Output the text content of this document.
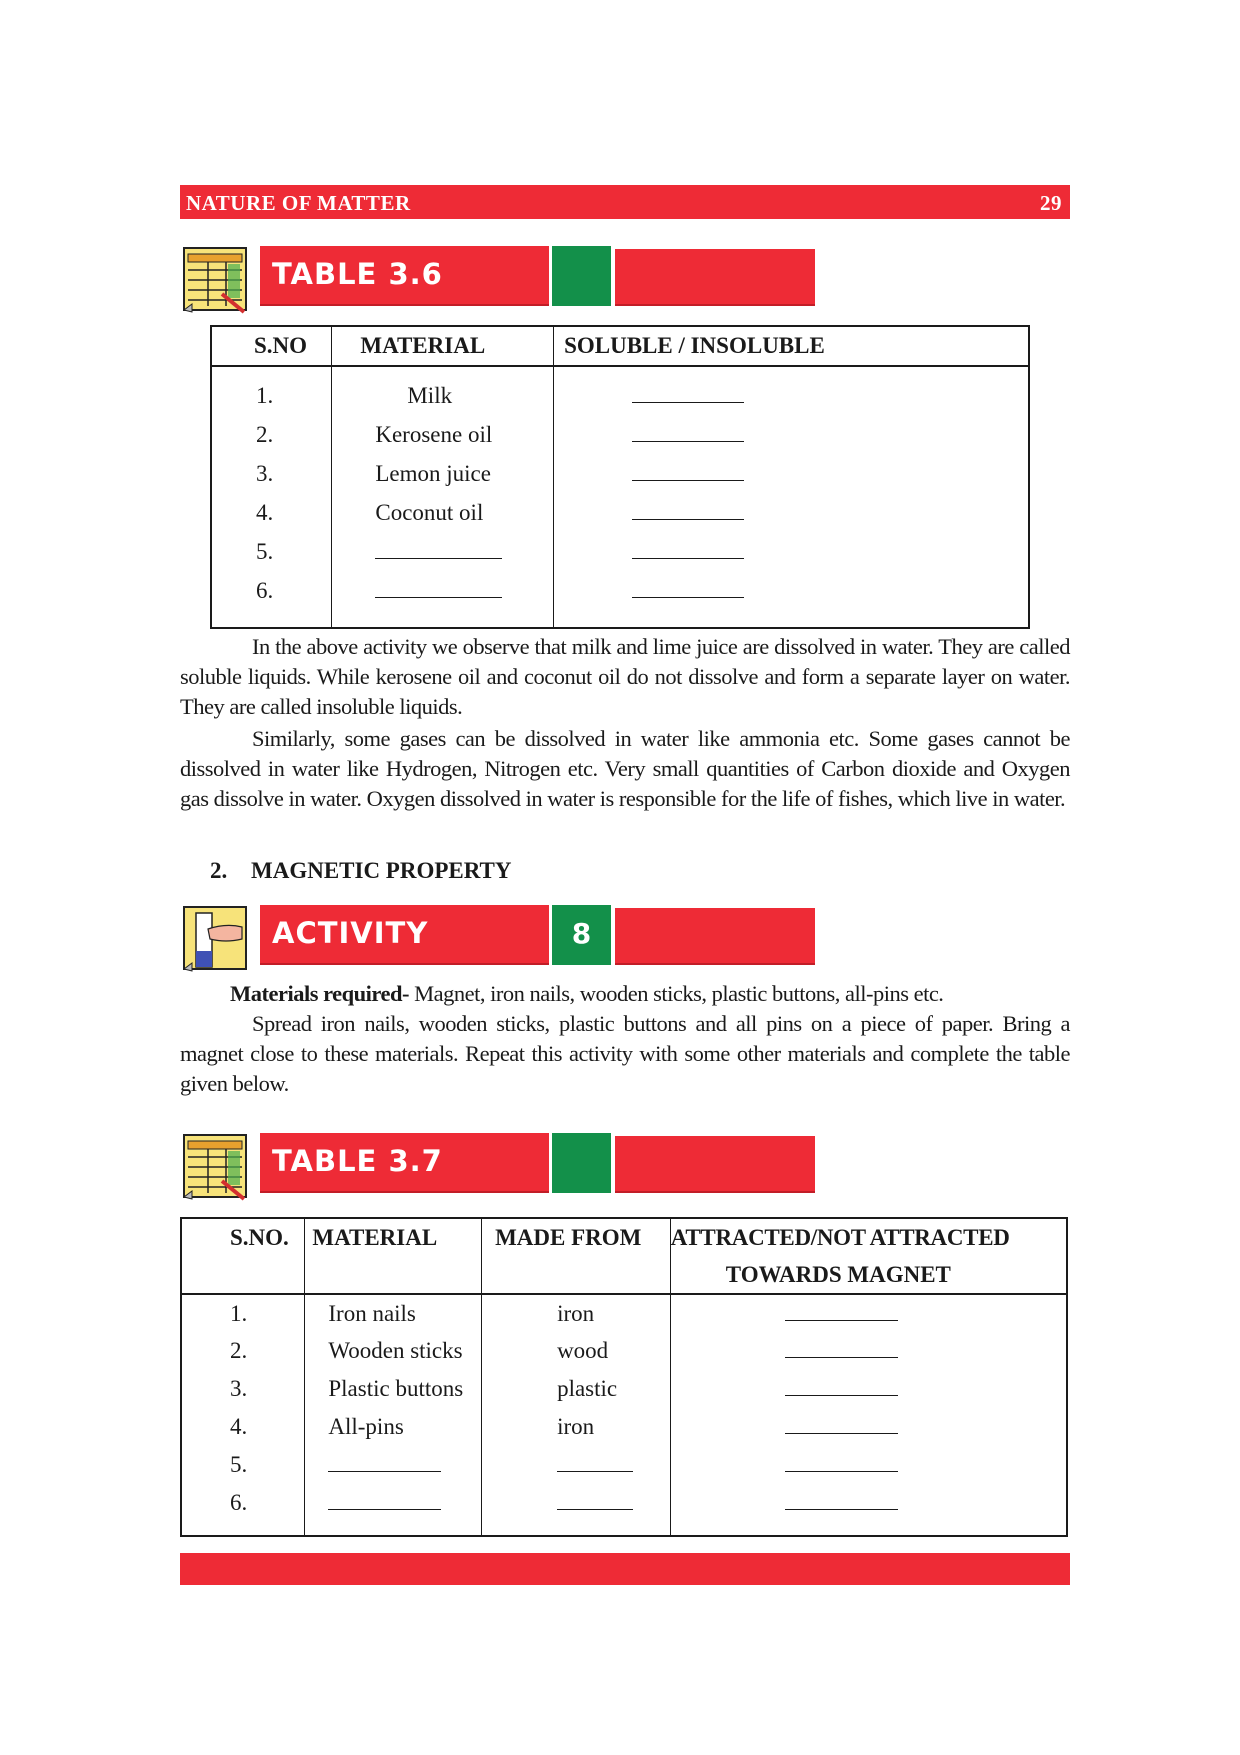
NATURE OF MATTER	29
TABLE 3.6
S.NO	MATERIAL	SOLUBLE / INSOLUBLE

1.	Milk	
2.	Kerosene oil	
3.	Lemon juice	
4.	Coconut oil	
5.		
6.		

In the above activity we observe that milk and lime juice are dissolved in water. They are called soluble liquids. While kerosene oil and coconut oil do not dissolve and form a separate layer on water. They are called insoluble liquids.
Similarly, some gases can be dissolved in water like ammonia etc. Some gases cannot be dissolved in water like Hydrogen, Nitrogen etc. Very small quantities of Carbon dioxide and Oxygen gas dissolve in water. Oxygen dissolved in water is responsible for the life of fishes, which live in water.
2. MAGNETIC PROPERTY
ACTIVITY	8
Materials required- Magnet, iron nails, wooden sticks, plastic buttons, all-pins etc.
Spread iron nails, wooden sticks, plastic buttons and all pins on a piece of paper. Bring a magnet close to these materials. Repeat this activity with some other materials and complete the table given below.
TABLE 3.7
S.NO.	MATERIAL	MADE FROM	ATTRACTED/NOT ATTRACTED
			TOWARDS MAGNET
1.	Iron nails	iron	
2.	Wooden sticks	wood	
3.	Plastic buttons	plastic	
4.	All-pins	iron	
5.			
6.			
